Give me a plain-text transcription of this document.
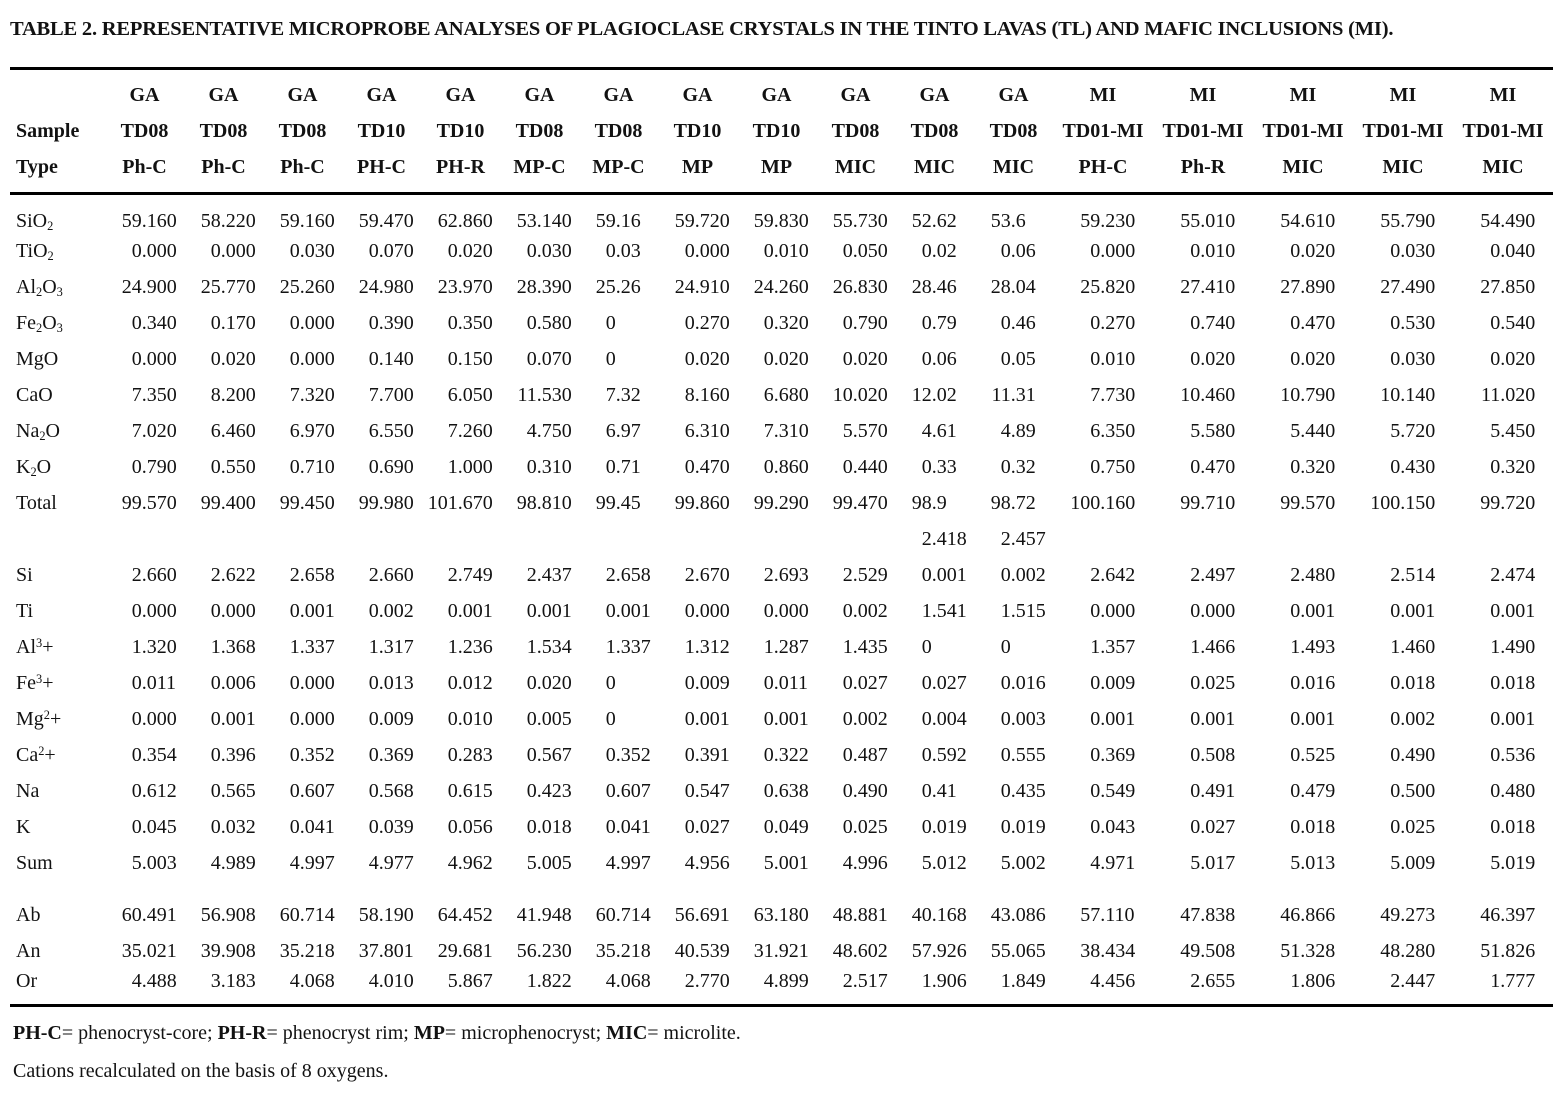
TABLE 2. REPRESENTATIVE MICROPROBE ANALYSES OF PLAGIOCLASE CRYSTALS IN THE TINTO LAVAS (TL) AND MAFIC INCLUSIONS (MI).
	GA	GA	GA	GA	GA	GA	GA	GA	GA	GA	GA	GA	MI	MI	MI	MI	MI
Sample	TD08	TD08	TD08	TD10	TD10	TD08	TD08	TD10	TD10	TD08	TD08	TD08	TD01-MI	TD01-MI	TD01-MI	TD01-MI	TD01-MI
Type	Ph-C	Ph-C	Ph-C	PH-C	PH-R	MP-C	MP-C	MP	MP	MIC	MIC	MIC	PH-C	Ph-R	MIC	MIC	MIC
SiO$_2$	59.160	58.220	59.160	59.470	62.860	53.140	59.16	59.720	59.830	55.730	52.62	53.6	59.230	55.010	54.610	55.790	54.490
TiO$_2$	0.000	0.000	0.030	0.070	0.020	0.030	0.03	0.000	0.010	0.050	0.02	0.06	0.000	0.010	0.020	0.030	0.040
$Al_2O_3$	24.900	25.770	25.260	24.980	23.970	28.390	25.26	24.910	24.260	26.830	28.46	28.04	25.820	27.410	27.890	27.490	27.850
$Fe_2O_3$	0.340	0.170	0.000	0.390	0.350	0.580	0	0.270	0.320	0.790	0.79	0.46	0.270	0.740	0.470	0.530	0.540
MgO	0.000	0.020	0.000	0.140	0.150	0.070	0	0.020	0.020	0.020	0.06	0.05	0.010	0.020	0.020	0.030	0.020
CaO	7.350	8.200	7.320	7.700	6.050	11.530	7.32	8.160	6.680	10.020	12.02	11.31	7.730	10.460	10.790	10.140	11.020
$Na_2O$	7.020	6.460	6.970	6.550	7.260	4.750	6.97	6.310	7.310	5.570	4.61	4.89	6.350	5.580	5.440	5.720	5.450
$K_2O$	0.790	0.550	0.710	0.690	1.000	0.310	0.71	0.470	0.860	0.440	0.33	0.32	0.750	0.470	0.320	0.430	0.320
Total	99.570	99.400	99.450	99.980	101.670	98.810	99.45	99.860	99.290	99.470	98.9	98.72	100.160	99.710	99.570	100.150	99.720
											2.418	2.457					
Si	2.660	2.622	2.658	2.660	2.749	2.437	2.658	2.670	2.693	2.529	0.001	0.002	2.642	2.497	2.480	2.514	2.474
Ti	0.000	0.000	0.001	0.002	0.001	0.001	0.001	0.000	0.000	0.002	1.541	1.515	0.000	0.000	0.001	0.001	0.001
$Al^3+$	1.320	1.368	1.337	1.317	1.236	1.534	1.337	1.312	1.287	1.435	0	0	1.357	1.466	1.493	1.460	1.490
$Fe^3+$	0.011	0.006	0.000	0.013	0.012	0.020	0	0.009	0.011	0.027	0.027	0.016	0.009	0.025	0.016	0.018	0.018
$Mg^2+$	0.000	0.001	0.000	0.009	0.010	0.005	0	0.001	0.001	0.002	0.004	0.003	0.001	0.001	0.001	0.002	0.001
$Ca^2+$	0.354	0.396	0.352	0.369	0.283	0.567	0.352	0.391	0.322	0.487	0.592	0.555	0.369	0.508	0.525	0.490	0.536
Na	0.612	0.565	0.607	0.568	0.615	0.423	0.607	0.547	0.638	0.490	0.41	0.435	0.549	0.491	0.479	0.500	0.480
K	0.045	0.032	0.041	0.039	0.056	0.018	0.041	0.027	0.049	0.025	0.019	0.019	0.043	0.027	0.018	0.025	0.018
Sum	5.003	4.989	4.997	4.977	4.962	5.005	4.997	4.956	5.001	4.996	5.012	5.002	4.971	5.017	5.013	5.009	5.019

Ab	60.491	56.908	60.714	58.190	64.452	41.948	60.714	56.691	63.180	48.881	40.168	43.086	57.110	47.838	46.866	49.273	46.397
An	35.021	39.908	35.218	37.801	29.681	56.230	35.218	40.539	31.921	48.602	57.926	55.065	38.434	49.508	51.328	48.280	51.826
Or	4.488	3.183	4.068	4.010	5.867	1.822	4.068	2.770	4.899	2.517	1.906	1.849	4.456	2.655	1.806	2.447	1.777

PH-C= phenocryst-core; PH-R= phenocryst rim; MP= microphenocryst; MIC= microlite.

Cations recalculated on the basis of 8 oxygens.
